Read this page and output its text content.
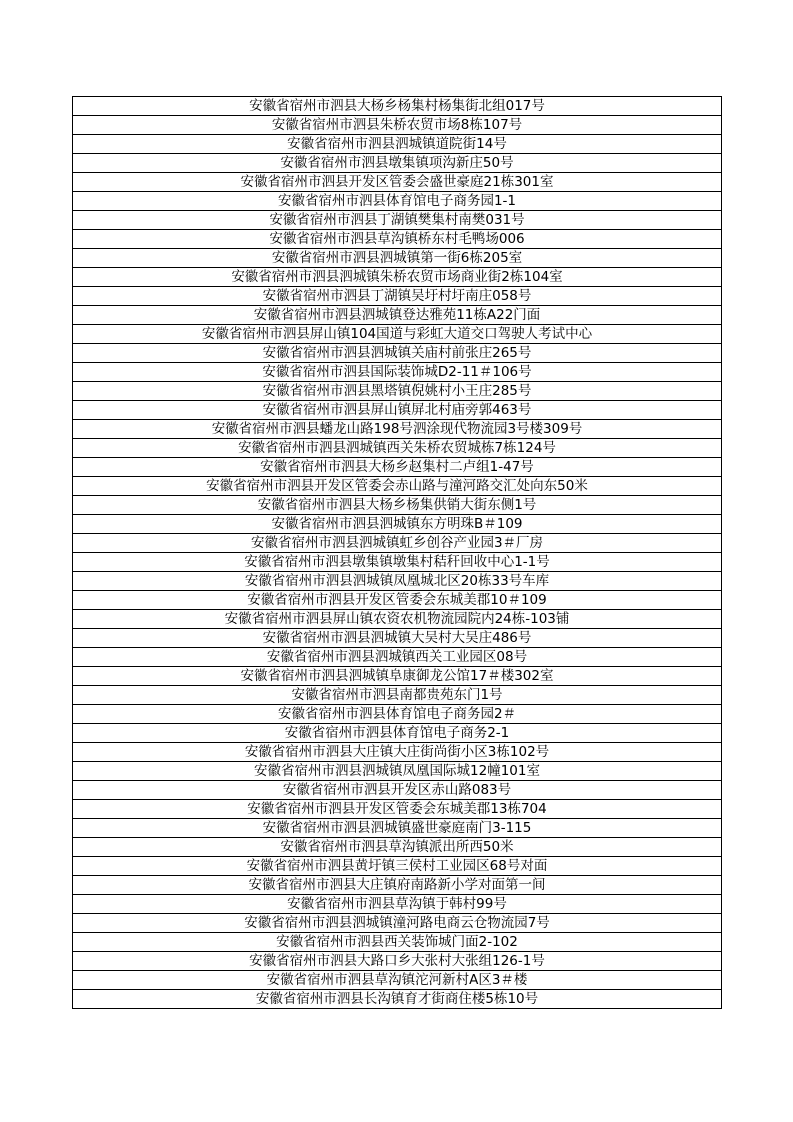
安徽省宿州市泗县大杨乡杨集村杨集街北组017号
安徽省宿州市泗县朱桥农贸市场8栋107号
安徽省宿州市泗县泗城镇道院街14号
安徽省宿州市泗县墩集镇项沟新庄50号
安徽省宿州市泗县开发区管委会盛世豪庭21栋301室
安徽省宿州市泗县体育馆电子商务园1-1
安徽省宿州市泗县丁湖镇樊集村南樊031号
安徽省宿州市泗县草沟镇桥东村毛鸭场006
安徽省宿州市泗县泗城镇第一街6栋205室
安徽省宿州市泗县泗城镇朱桥农贸市场商业街2栋104室
安徽省宿州市泗县丁湖镇吴圩村圩南庄058号
安徽省宿州市泗县泗城镇登达雅苑11栋A22门面
安徽省宿州市泗县屏山镇104国道与彩虹大道交口驾驶人考试中心
安徽省宿州市泗县泗城镇关庙村前张庄265号
安徽省宿州市泗县国际装饰城D2-11＃106号
安徽省宿州市泗县黑塔镇倪姚村小王庄285号
安徽省宿州市泗县屏山镇屏北村庙旁郭463号
安徽省宿州市泗县蟠龙山路198号泗涂现代物流园3号楼309号
安徽省宿州市泗县泗城镇西关朱桥农贸城栋7栋124号
安徽省宿州市泗县大杨乡赵集村二卢组1-47号
安徽省宿州市泗县开发区管委会赤山路与潼河路交汇处向东50米
安徽省宿州市泗县大杨乡杨集供销大街东侧1号
安徽省宿州市泗县泗城镇东方明珠B＃109
安徽省宿州市泗县泗城镇虹乡创谷产业园3＃厂房
安徽省宿州市泗县墩集镇墩集村秸秆回收中心1-1号
安徽省宿州市泗县泗城镇凤凰城北区20栋33号车库
安徽省宿州市泗县开发区管委会东城美郡10＃109
安徽省宿州市泗县屏山镇农资农机物流园院内24栋-103铺
安徽省宿州市泗县泗城镇大吴村大吴庄486号
安徽省宿州市泗县泗城镇西关工业园区08号
安徽省宿州市泗县泗城镇阜康御龙公馆17＃楼302室
安徽省宿州市泗县南都贵苑东门1号
安徽省宿州市泗县体育馆电子商务园2＃
安徽省宿州市泗县体育馆电子商务2-1
安徽省宿州市泗县大庄镇大庄街尚街小区3栋102号
安徽省宿州市泗县泗城镇凤凰国际城12幢101室
安徽省宿州市泗县开发区赤山路083号
安徽省宿州市泗县开发区管委会东城美郡13栋704
安徽省宿州市泗县泗城镇盛世豪庭南门3-115
安徽省宿州市泗县草沟镇派出所西50米
安徽省宿州市泗县黄圩镇三侯村工业园区68号对面
安徽省宿州市泗县大庄镇府南路新小学对面第一间
安徽省宿州市泗县草沟镇于韩村99号
安徽省宿州市泗县泗城镇潼河路电商云仓物流园7号
安徽省宿州市泗县西关装饰城门面2-102
安徽省宿州市泗县大路口乡大张村大张组126-1号
安徽省宿州市泗县草沟镇沱河新村A区3＃楼
安徽省宿州市泗县长沟镇育才街商住楼5栋10号
